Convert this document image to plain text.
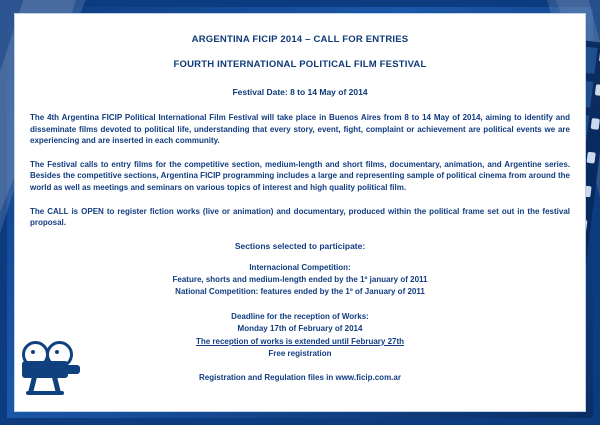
ARGENTINA FICIP 2014 – CALL FOR ENTRIES
FOURTH INTERNATIONAL POLITICAL FILM FESTIVAL
Festival Date: 8 to 14 May of 2014

The 4th Argentina FICIP Political International Film Festival will take place in Buenos Aires from 8 to 14 May of 2014, aiming to identify and disseminate films devoted to political life, understanding that every story, event, fight, complaint or achievement are political events we are experiencing and are inserted in each community.

The Festival calls to entry films for the competitive section, medium-length and short films, documentary, animation, and Argentine series. Besides the competitive sections, Argentina FICIP programming includes a large and representing sample of political cinema from around the world as well as meetings and seminars on various topics of interest and high quality political film.

The CALL is OPEN to register fiction works (live or animation) and documentary, produced within the political frame set out in the festival proposal.

Sections selected to participate:
Internacional Competition:
Feature, shorts and medium-length ended by the 1º january of 2011
National Competition: features ended by the 1º of January of 2011
Deadline for the reception of Works:
Monday 17th of February of 2014
The reception of works is extended until February 27th
Free registration
Registration and Regulation files in www.ficip.com.ar
